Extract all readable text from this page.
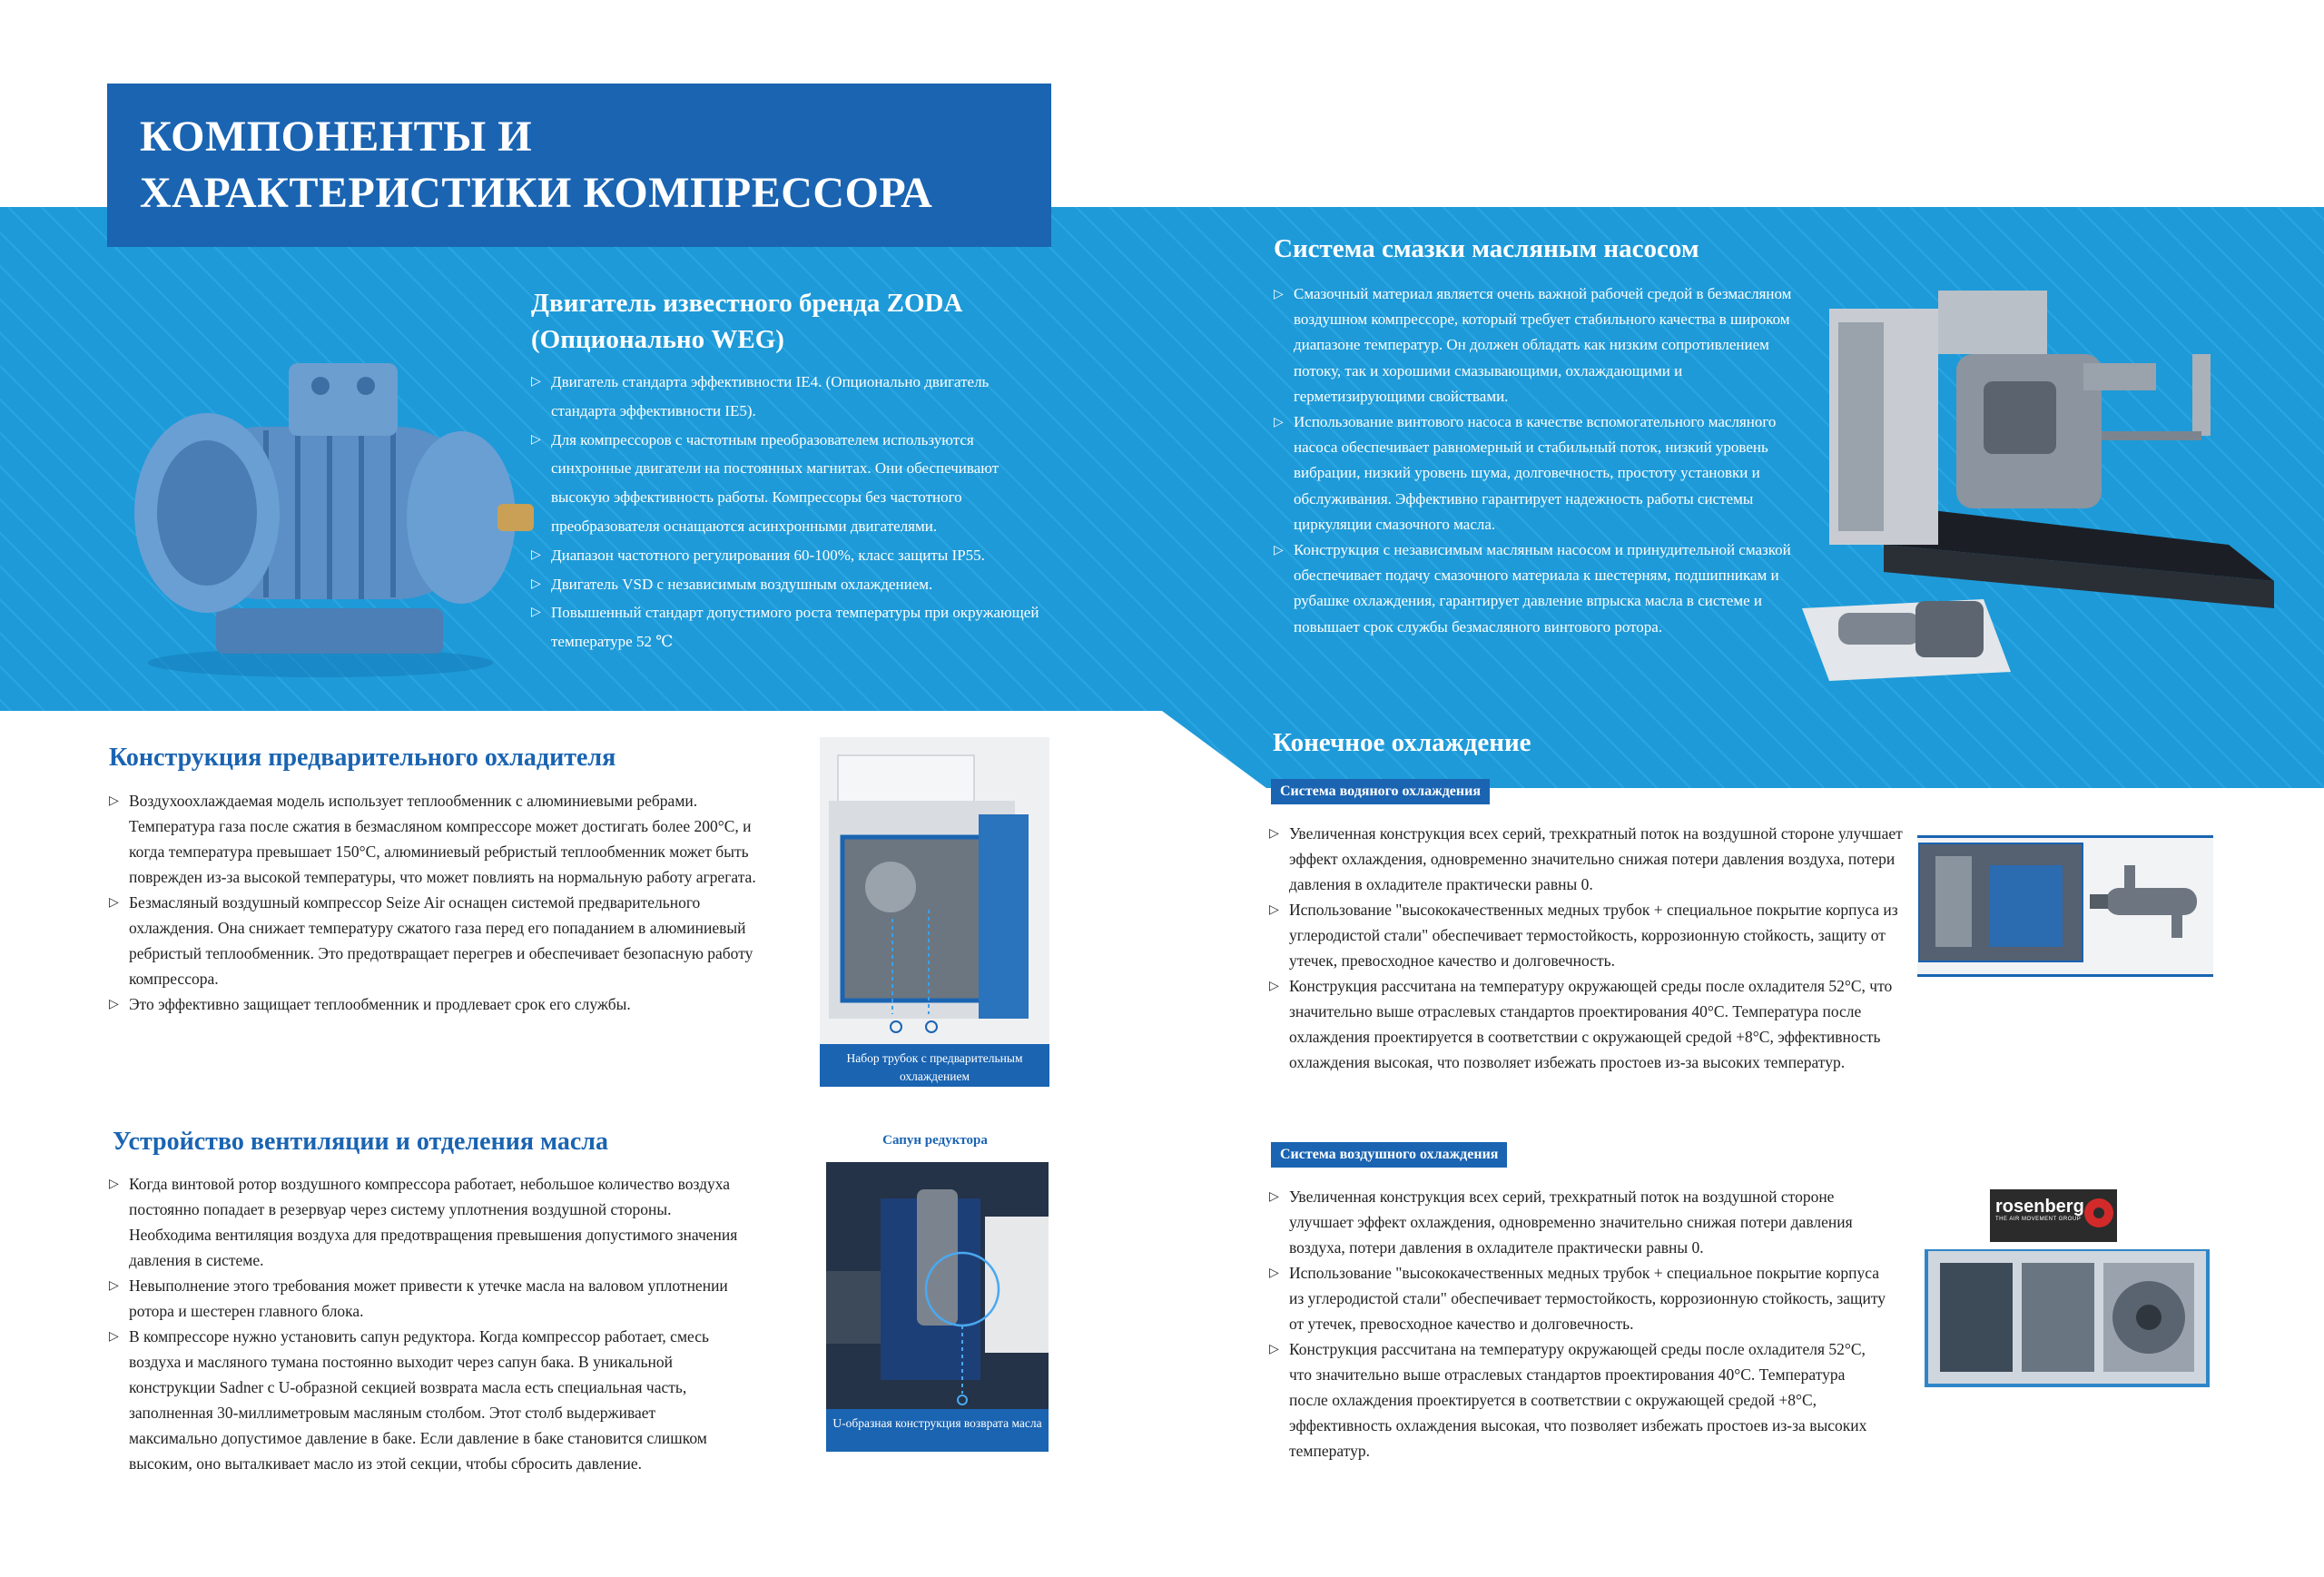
КОМПОНЕНТЫ И
ХАРАКТЕРИСТИКИ КОМПРЕССОРА
Двигатель известного бренда ZODA
(Опционально WEG)
▷ Двигатель стандарта эффективности IE4. (Опционально двигатель стандарта эффективности IE5).
▷ Для компрессоров с частотным преобразователем используются синхронные двигатели на постоянных магнитах. Они обеспечивают высокую эффективность работы. Компрессоры без частотного преобразователя оснащаются асинхронными двигателями.
▷ Диапазон частотного регулирования 60-100%, класс защиты IP55.
▷ Двигатель VSD с независимым воздушным охлаждением.
▷ Повышенный стандарт допустимого роста температуры при окружающей температуре 52 ℃
Система смазки масляным насосом
▷ Смазочный материал является очень важной рабочей средой в безмасляном воздушном компрессоре, который требует стабильного качества в широком диапазоне температур. Он должен обладать как низким сопротивлением потоку, так и хорошими смазывающими, охлаждающими и герметизирующими свойствами.
▷ Использование винтового насоса в качестве вспомогательного масляного насоса обеспечивает равномерный и стабильный поток, низкий уровень вибрации, низкий уровень шума, долговечность, простоту установки и обслуживания. Эффективно гарантирует надежность работы системы циркуляции смазочного масла.
▷ Конструкция с независимым масляным насосом и принудительной смазкой обеспечивает подачу смазочного материала к шестерням, подшипникам и рубашке охлаждения, гарантирует давление впрыска масла в системе и повышает срок службы безмасляного винтового ротора.
Конструкция предварительного охладителя
▷ Воздухоохлаждаемая модель использует теплообменник с алюминиевыми ребрами. Температура газа после сжатия в безмасляном компрессоре может достигать более 200°C, и когда температура превышает 150°C, алюминиевый ребристый теплообменник может быть поврежден из-за высокой температуры, что может повлиять на нормальную работу агрегата.
▷ Безмасляный воздушный компрессор Seize Air оснащен системой предварительного охлаждения. Она снижает температуру сжатого газа перед его попаданием в алюминиевый ребристый теплообменник. Это предотвращает перегрев и обеспечивает безопасную работу компрессора.
▷ Это эффективно защищает теплообменник и продлевает срок его службы.
Набор трубок с предварительным охлаждением
Устройство вентиляции и отделения масла
▷ Когда винтовой ротор воздушного компрессора работает, небольшое количество воздуха постоянно попадает в резервуар через систему уплотнения воздушной стороны. Необходима вентиляция воздуха для предотвращения превышения допустимого значения давления в системе.
▷ Невыполнение этого требования может привести к утечке масла на валовом уплотнении ротора и шестерен главного блока.
▷ В компрессоре нужно установить сапун редуктора. Когда компрессор работает, смесь воздуха и масляного тумана постоянно выходит через сапун бака. В уникальной конструкции Sadner с U-образной секцией возврата масла есть специальная часть, заполненная 30-миллиметровым масляным столбом. Этот столб выдерживает максимально допустимое давление в баке. Если давление в баке становится слишком высоким, оно выталкивает масло из этой секции, чтобы сбросить давление.
Сапун редуктора
U-образная конструкция возврата масла
Конечное охлаждение
Система водяного охлаждения
▷ Увеличенная конструкция всех серий, трехкратный поток на воздушной стороне улучшает эффект охлаждения, одновременно значительно снижая потери давления воздуха, потери давления в охладителе практически равны 0.
▷ Использование "высококачественных медных трубок + специальное покрытие корпуса из углеродистой стали" обеспечивает термостойкость, коррозионную стойкость, защиту от утечек, превосходное качество и долговечность.
▷ Конструкция рассчитана на температуру окружающей среды после охладителя 52°C, что значительно выше отраслевых стандартов проектирования 40°C. Температура после охлаждения проектируется в соответствии с окружающей средой +8°C, эффективность охлаждения высокая, что позволяет избежать простоев из-за высоких температур.
Система воздушного охлаждения
▷ Увеличенная конструкция всех серий, трехкратный поток на воздушной стороне улучшает эффект охлаждения, одновременно значительно снижая потери давления воздуха, потери давления в охладителе практически равны 0.
▷ Использование "высококачественных медных трубок + специальное покрытие корпуса из углеродистой стали" обеспечивает термостойкость, коррозионную стойкость, защиту от утечек, превосходное качество и долговечность.
▷ Конструкция рассчитана на температуру окружающей среды после охладителя 52°C, что значительно выше отраслевых стандартов проектирования 40°C. Температура после охлаждения проектируется в соответствии с окружающей средой +8°C, эффективность охлаждения высокая, что позволяет избежать простоев из-за высоких температур.
rosenberg
THE AIR MOVEMENT GROUP
